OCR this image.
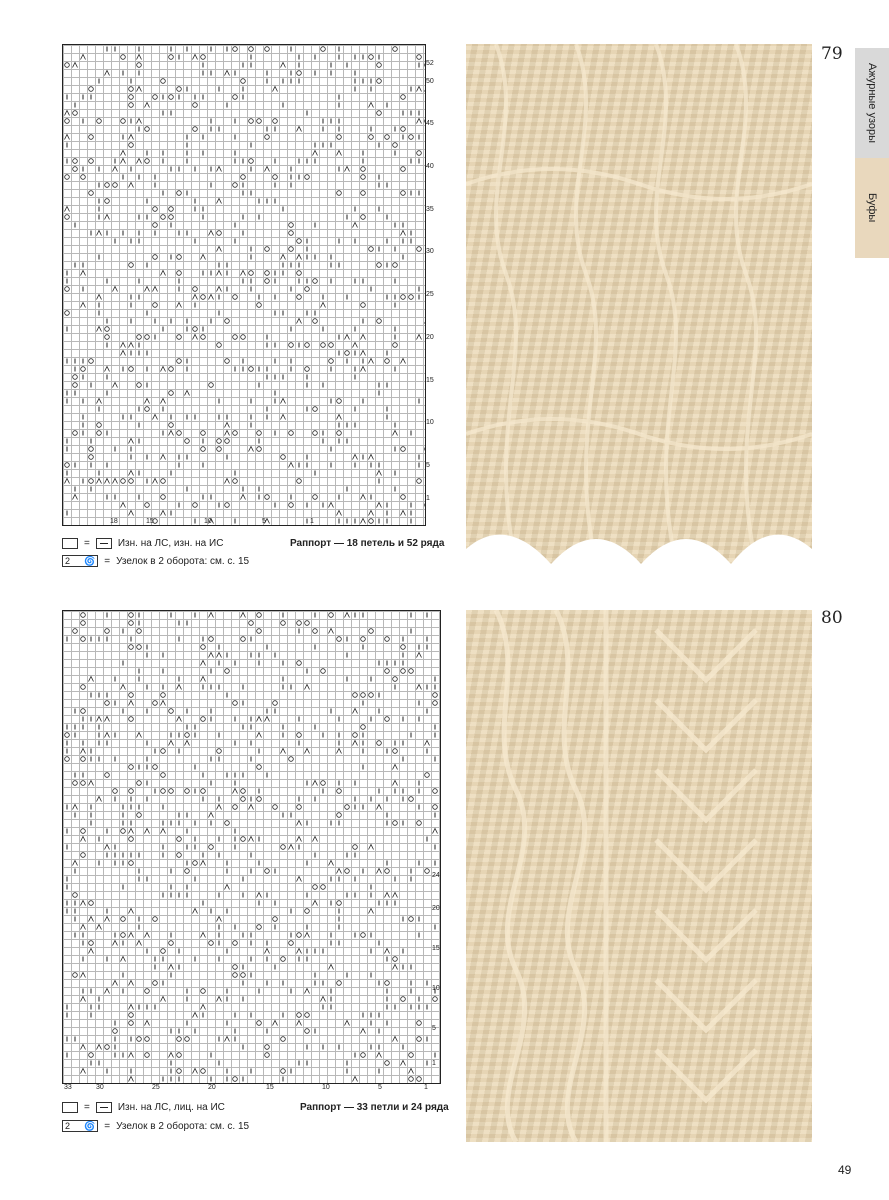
52
50
45
40
35
30
25
20
15
10
5
1
18	15	10	5	1
=	Изн. на ЛС, изн. на ИС	Раппорт — 18 петель и 52 ряда
2 🌀 = Узелок в 2 оборота: см. с. 15
79
24
20
15
10
5
1
33	30	25	20	15	10	5	1
=	Изн. на ЛС, лиц. на ИС	Раппорт — 33 петли и 24 ряда
2 🌀 = Узелок в 2 оборота: см. с. 15
80
Ажурные узоры
Буфы
49
